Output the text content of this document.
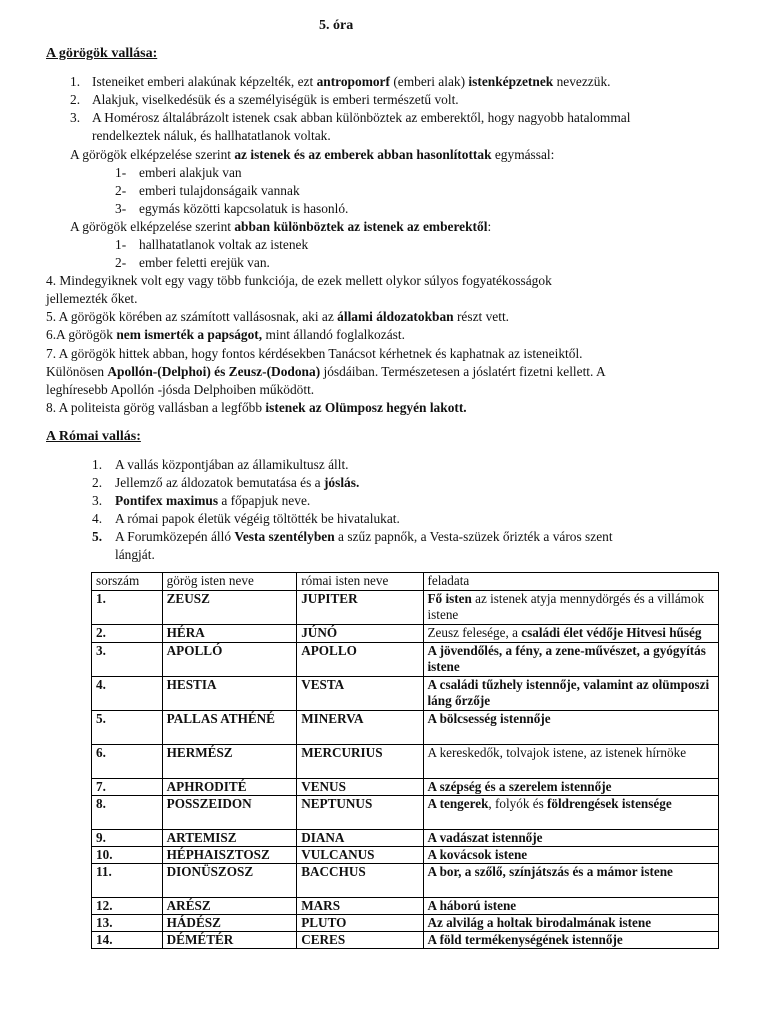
5. óra
A görögök vallása:
1. Isteneiket emberi alakúnak képzelték, ezt antropomorf (emberi alak) istenképzetnek nevezzük.
2. Alakjuk, viselkedésük és a személyiségük is emberi természetű volt.
3. A Homérosz általábrázolt istenek csak abban különböztek az emberektől, hogy nagyobb hatalommal
rendelkeztek náluk, és hallhatatlanok voltak.
A görögök elképzelése szerint az istenek és az emberek abban hasonlítottak egymással:
1- emberi alakjuk van
2- emberi tulajdonságaik vannak
3- egymás közötti kapcsolatuk is hasonló.
A görögök elképzelése szerint abban különböztek az istenek az emberektől:
1- hallhatatlanok voltak az istenek
2- ember feletti erejük van.
4. Mindegyiknek volt egy vagy több funkciója, de ezek mellett olykor súlyos fogyatékosságok
jellemezték őket.
5. A görögök körében az számított vallásosnak, aki az állami áldozatokban részt vett.
6.A görögök nem ismerték a papságot, mint állandó foglalkozást.
7. A görögök hittek abban, hogy fontos kérdésekben Tanácsot kérhetnek és kaphatnak az isteneiktől.
Különösen Apollón-(Delphoi) és Zeusz-(Dodona) jósdáiban. Természetesen a jóslatért fizetni kellett. A
leghíresebb Apollón -jósda Delphoiben működött.
8. A politeista görög vallásban a legfőbb istenek az Olümposz hegyén lakott.
A Római vallás:
1. A vallás központjában az államikultusz állt.
2. Jellemző az áldozatok bemutatása és a jóslás.
3. Pontifex maximus a főpapjuk neve.
4. A római papok életük végéig töltötték be hivatalukat.
5. A Forumközepén álló Vesta szentélyben a szűz papnők, a Vesta-szüzek őrizték a város szent
lángját.
sorszám	görög isten neve	római isten neve	feladata
1.	ZEUSZ	JUPITER	Fő isten az istenek atyja mennydörgés és a villámok istene
2.	HÉRA	JÚNÓ	Zeusz felesége, a családi élet védője Hitvesi hűség
3.	APOLLÓ	APOLLO	A jövendőlés, a fény, a zene-művészet, a gyógyítás istene
4.	HESTIA	VESTA	A családi tűzhely istennője, valamint az olümposzi láng őrzője
5.	PALLAS ATHÉNÉ	MINERVA	A bölcsesség istennője
6.	HERMÉSZ	MERCURIUS	A kereskedők, tolvajok istene, az istenek hírnöke
7.	APHRODITÉ	VENUS	A szépség és a szerelem istennője
8.	POSSZEIDON	NEPTUNUS	A tengerek, folyók és földrengések istensége
9.	ARTEMISZ	DIANA	A vadászat istennője
10.	HÉPHAISZTOSZ	VULCANUS	A kovácsok istene
11.	DIONÜSZOSZ	BACCHUS	A bor, a szőlő, színjátszás és a mámor istene
12.	ARÉSZ	MARS	A háború istene
13.	HÁDÉSZ	PLUTO	Az alvilág a holtak birodalmának istene
14.	DÉMÉTÉR	CERES	A föld termékenységének istennője
